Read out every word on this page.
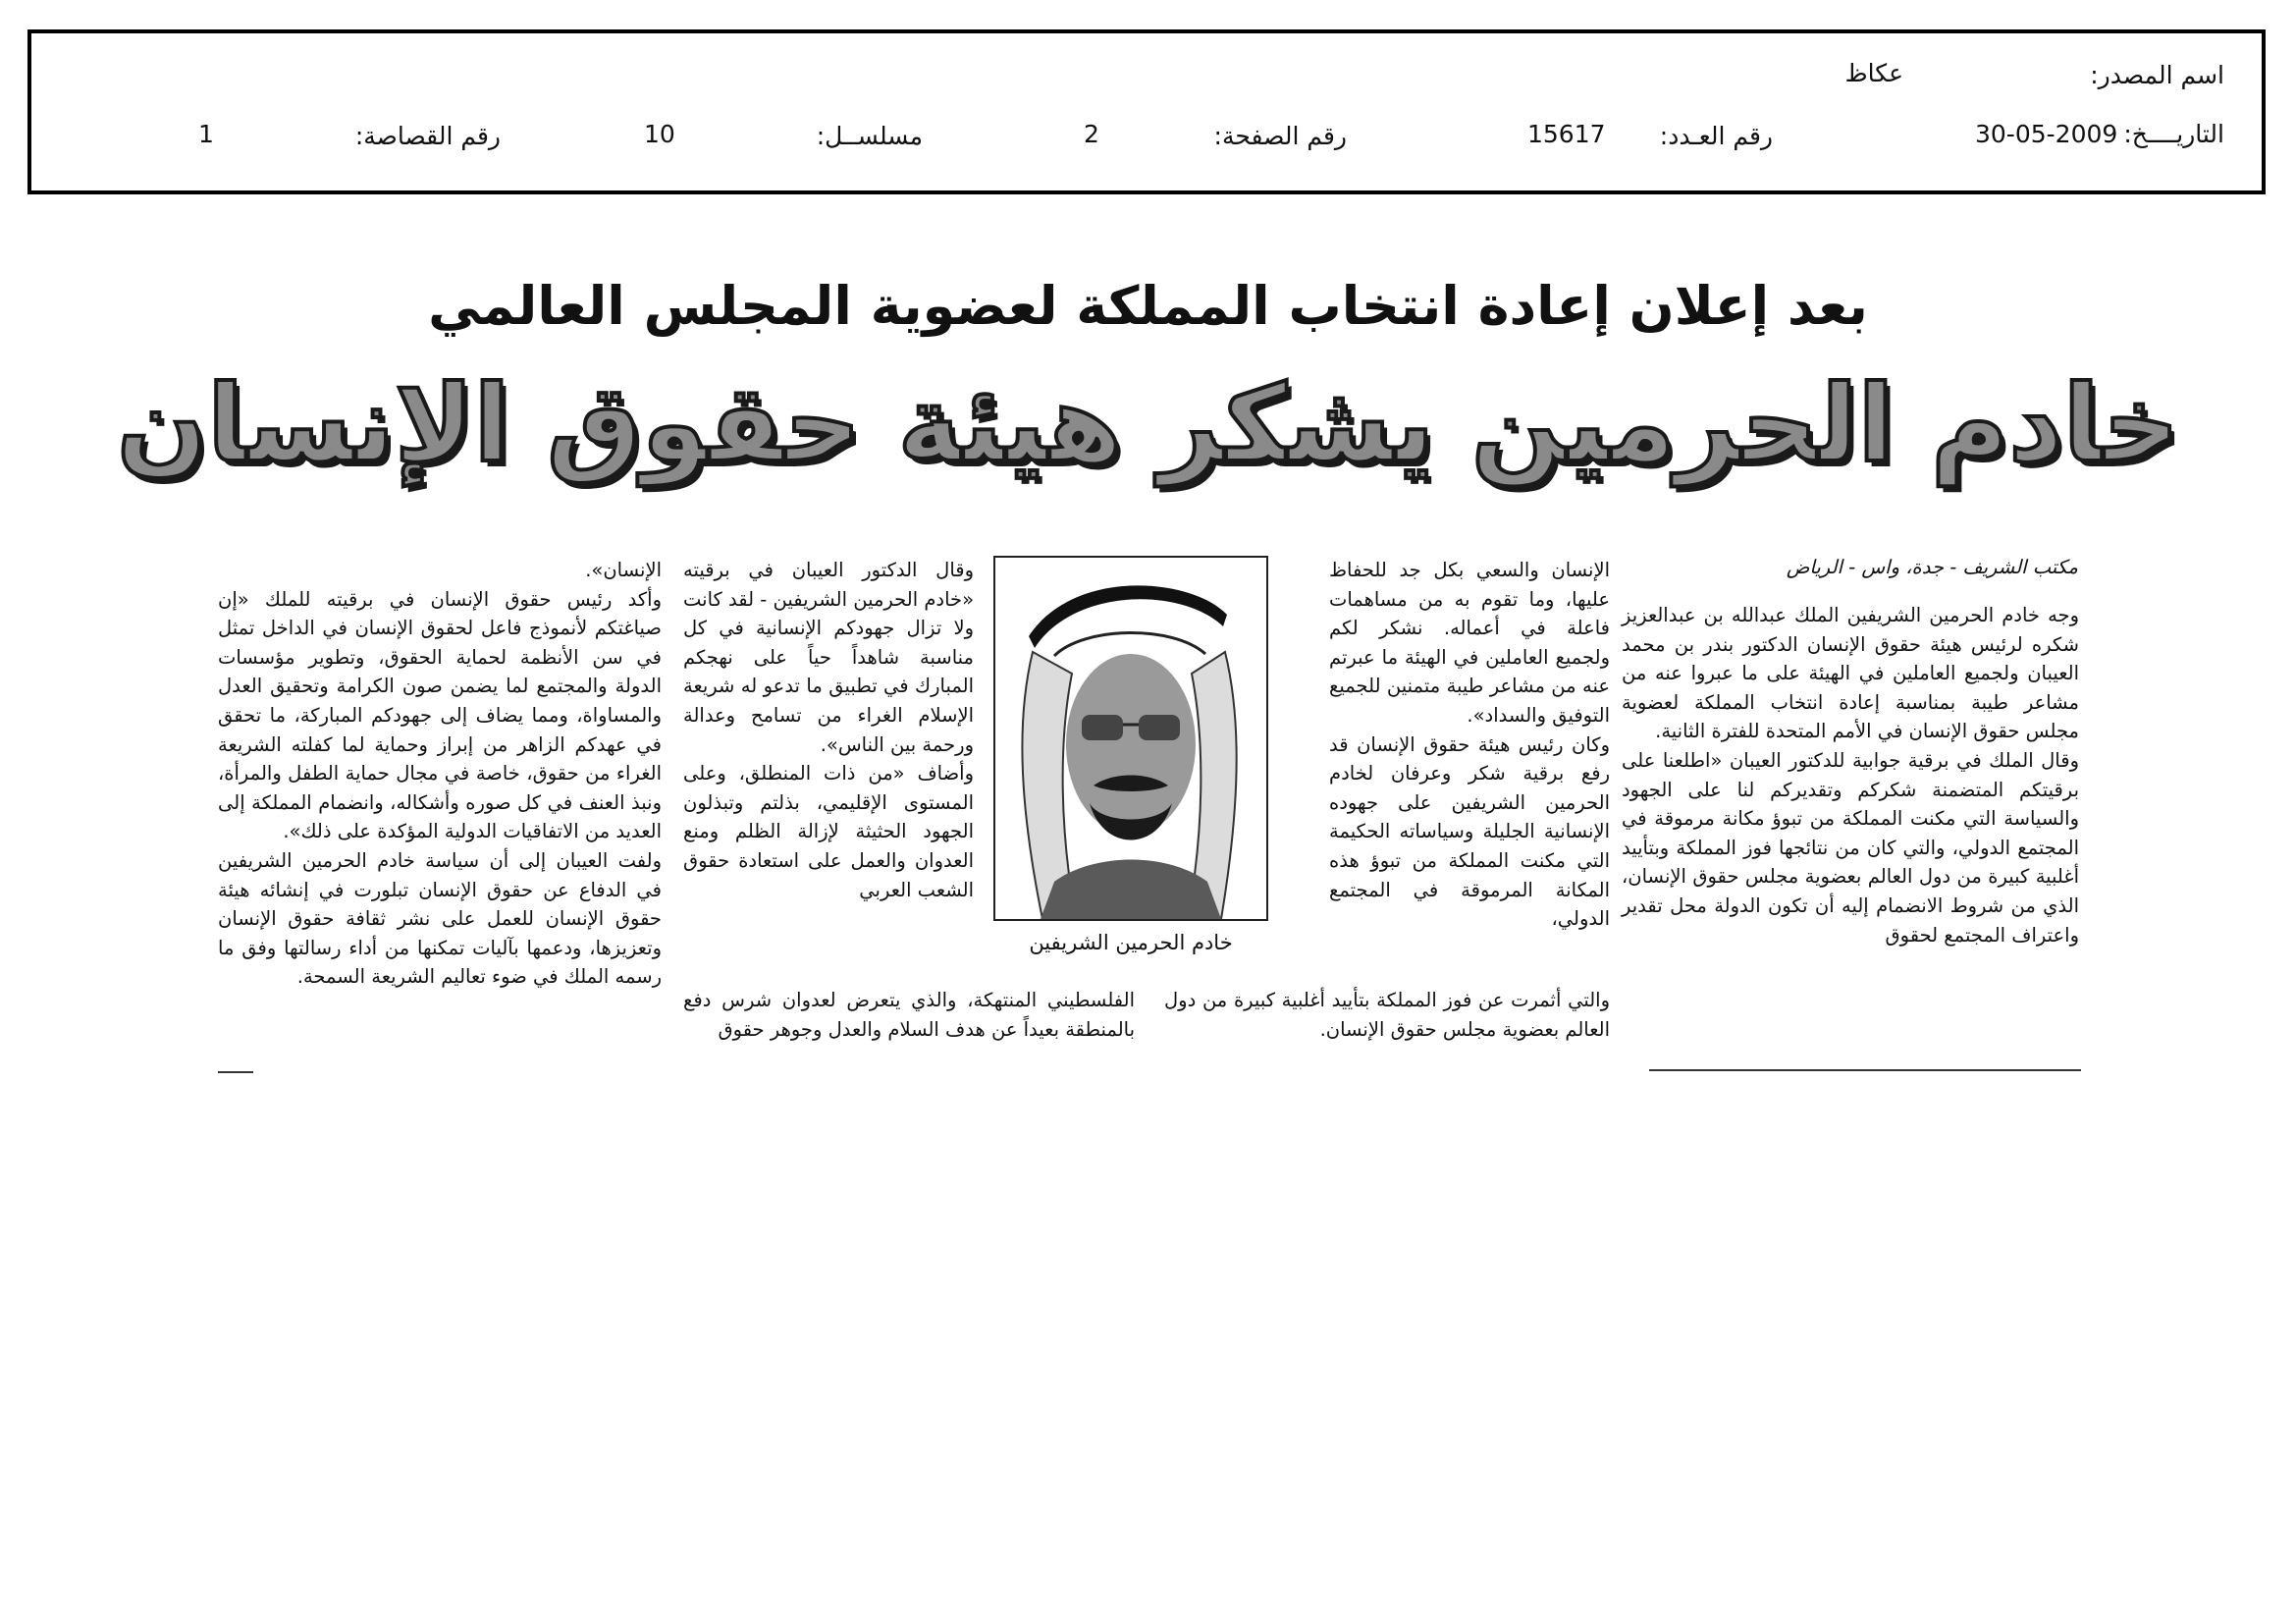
اسم المصدر:
عكاظ
التاريــــخ:
30-05-2009
رقم العـدد:
15617
رقم الصفحة:
2
مسلســل:
10
رقم القصاصة:
1
بعد إعلان إعادة انتخاب المملكة لعضوية المجلس العالمي
خادم الحرمين يشكر هيئة حقوق الإنسان
مكتب الشريف - جدة، واس - الرياض
وجه خادم الحرمين الشريفين الملك عبدالله بن عبدالعزيز شكره لرئيس هيئة حقوق الإنسان الدكتور بندر بن محمد العيبان ولجميع العاملين في الهيئة على ما عبروا عنه من مشاعر طيبة بمناسبة إعادة انتخاب المملكة لعضوية مجلس حقوق الإنسان في الأمم المتحدة للفترة الثانية.
وقال الملك في برقية جوابية للدكتور العيبان «اطلعنا على برقيتكم المتضمنة شكركم وتقديركم لنا على الجهود والسياسة التي مكنت المملكة من تبوؤ مكانة مرموقة في المجتمع الدولي، والتي كان من نتائجها فوز المملكة وبتأييد أغلبية كبيرة من دول العالم بعضوية مجلس حقوق الإنسان، الذي من شروط الانضمام إليه أن تكون الدولة محل تقدير واعتراف المجتمع لحقوق
الإنسان والسعي بكل جد للحفاظ عليها، وما تقوم به من مساهمات فاعلة في أعماله. نشكر لكم ولجميع العاملين في الهيئة ما عبرتم عنه من مشاعر طيبة متمنين للجميع التوفيق والسداد».
وكان رئيس هيئة حقوق الإنسان قد رفع برقية شكر وعرفان لخادم الحرمين الشريفين على جهوده الإنسانية الجليلة وسياساته الحكيمة التي مكنت المملكة من تبوؤ هذه المكانة المرموقة في المجتمع الدولي،
والتي أثمرت عن فوز المملكة بتأييد أغلبية كبيرة من دول العالم بعضوية مجلس حقوق الإنسان.
وقال الدكتور العيبان في برقيته «خادم الحرمين الشريفين - لقد كانت ولا تزال جهودكم الإنسانية في كل مناسبة شاهداً حياً على نهجكم المبارك في تطبيق ما تدعو له شريعة الإسلام الغراء من تسامح وعدالة ورحمة بين الناس».
وأضاف «من ذات المنطلق، وعلى المستوى الإقليمي، بذلتم وتبذلون الجهود الحثيثة لإزالة الظلم ومنع العدوان والعمل على استعادة حقوق الشعب العربي
الفلسطيني المنتهكة، والذي يتعرض لعدوان شرس دفع بالمنطقة بعيداً عن هدف السلام والعدل وجوهر حقوق
الإنسان».
وأكد رئيس حقوق الإنسان في برقيته للملك «إن صياغتكم لأنموذج فاعل لحقوق الإنسان في الداخل تمثل في سن الأنظمة لحماية الحقوق، وتطوير مؤسسات الدولة والمجتمع لما يضمن صون الكرامة وتحقيق العدل والمساواة، ومما يضاف إلى جهودكم المباركة، ما تحقق في عهدكم الزاهر من إبراز وحماية لما كفلته الشريعة الغراء من حقوق، خاصة في مجال حماية الطفل والمرأة، ونبذ العنف في كل صوره وأشكاله، وانضمام المملكة إلى العديد من الاتفاقيات الدولية المؤكدة على ذلك».
ولفت العيبان إلى أن سياسة خادم الحرمين الشريفين في الدفاع عن حقوق الإنسان تبلورت في إنشائه هيئة حقوق الإنسان للعمل على نشر ثقافة حقوق الإنسان وتعزيزها، ودعمها بآليات تمكنها من أداء رسالتها وفق ما رسمه الملك في ضوء تعاليم الشريعة السمحة.
خادم الحرمين الشريفين
